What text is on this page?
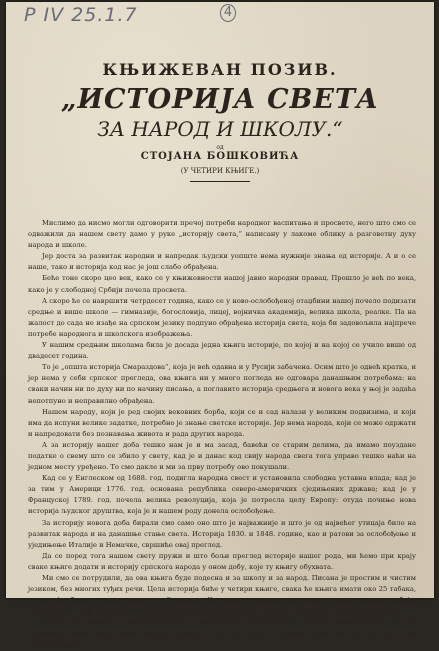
P IV 25.1.7	4

КЊИЖЕВАН ПОЗИВ.

„ИСТОРИЈА СВЕТА

ЗА НАРОД И ШКОЛУ.“

од

СТОЈАНА БОШКОВИЋА

(У ЧЕТИРИ КЊИГЕ.)

Мислимо да нисмо могли одговорити пречој потреби народног васпитања и просвете, него што смо се одважили да нашем свету дамо у руке „историју света,“ написану у лакоме облику а разговетну духу народа и школе.

Јер доста за развитак народни и напредак људски уопште нема нужније знања од историје. А и о се наше, тако и историја код нас је још слабо обрађена.

Беће тоне скоро цео век, како се у књижевности нашој јавио народни правац. Прошло је већ по века, како је у слободној Србији почела просвета.

А скоро ће се навршити четрдесет година, како се у ново-ослобођеној отаџбини нашој почело подизати средње и више школе — гимназије, богословија, лицеј, војничка академија, велика школа, реалке. Па на жалост до сада не изађе на српском језику подпуно обрађена историја света, која би задовољила најпрече потребе народнога и школскога изображења.

У нашим средњим школама била је досада једна књига историје, по којој и на којој се учило више од двадесет година.

То је „општа историја Смараздова“, која је већ одавна и у Русији забачена. Осим што је одвећ кратка, и јер нема у себи српског прегледа, ова књига ни у много погледа не одговара данашњим потребама: на сваки начин ни по духу ни по начину писања, а поглавито историја средњега и новога века у њој је задаћа непотпуно и неправилно обрађена.

Нашем народу, који је ред својих вековних борба, који се и сад налази у великим подвизима, и који има да испуни велике задатке, потребно је знање светске историје. Јер нема народа, који се може одржати и напредовати без познавања живота и рада других народа.

А за историју нашег доба тешко нам је и ма засад, бавећи се старим делима, да имамо поуздане податке о свему што се збило у свету, кад је и данас код свију народа свега тога управо тешко наћи на једном месту уређено. То смо дакле и ми за прву потребу ово покушали.

Кад се у Енглеском од 1688. год. подигла народна свест и установила слободна уставна влада; кад је за тим у Америци 1776. год. основана република северо-америчких сједињених држава; кад је у Француској 1789. год. почела велика револуција, која је потресла целу Европу: отуда почиње нова историја људског друштва, која је и нашем роду донела ослобођење.

За историју новога доба бирали смо само оно што је најважније и што је од највећег утицаја било на развитак народа и на данашње стање света. Историја 1830. и 1848. године, као и ратови за ослобођење и уједињење Италије и Немачке, свршиће овај преглед.

Да се поред тога нашем свету пружи и што бољи преглед историје нашег рода, ми ћемо при крају сваке књиге додати и историју српскога народа у оном добу, које ту књигу обухвата.

Ми смо се потрудили, да ова књига буде подесна и за школу и за народ. Писана је простим и чистим језиком, без многих туђих речи. Цела историја биће у четири књиге, свака ће књига имати око 25 табака, а цена ће бити за сваку књигу по 2 динара. Ко скупи и пошље претплату на десет књига, добиће једанаесту на дар. Претплату примају сви знатнији књижари и учитељи у Србији и у српским земљама.

Ово је тако велико и тешко предузеће, да се без јаке потпоре нашег света не може извести. Зато се обраћамо свима пријатељима народне просвете, да нам буду на помоћи, како би ово дело што пре угледало света.
